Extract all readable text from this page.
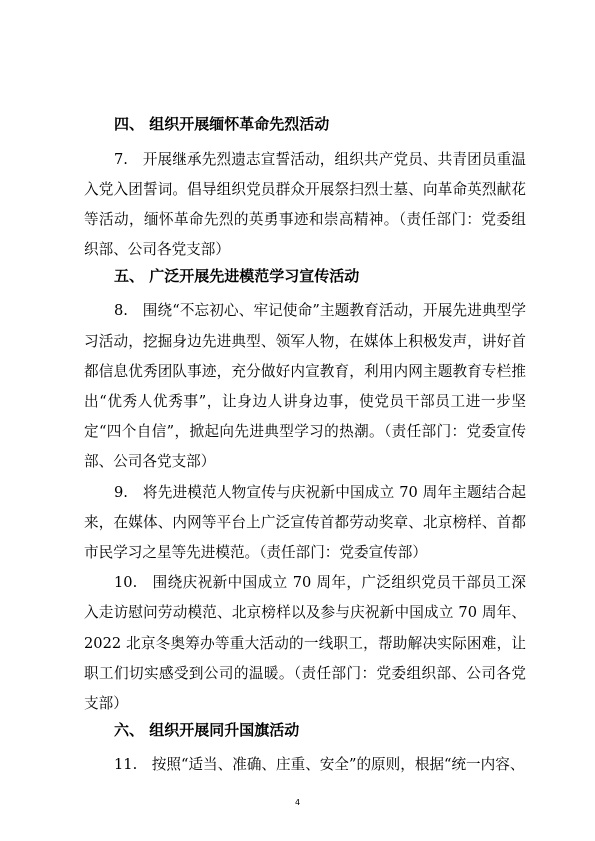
四、 组织开展缅怀革命先烈活动

7.　开展继承先烈遗志宣誓活动，组织共产党员、共青团员重温入党入团誓词。倡导组织党员群众开展祭扫烈士墓、向革命英烈献花等活动，缅怀革命先烈的英勇事迹和崇高精神。（责任部门：党委组织部、公司各党支部）

五、 广泛开展先进模范学习宣传活动

8.　围绕“不忘初心、牢记使命”主题教育活动，开展先进典型学习活动，挖掘身边先进典型、领军人物，在媒体上积极发声，讲好首都信息优秀团队事迹，充分做好内宣教育，利用内网主题教育专栏推出“优秀人优秀事”，让身边人讲身边事，使党员干部员工进一步坚定“四个自信”，掀起向先进典型学习的热潮。（责任部门：党委宣传部、公司各党支部）

9.　将先进模范人物宣传与庆祝新中国成立 70 周年主题结合起来，在媒体、内网等平台上广泛宣传首都劳动奖章、北京榜样、首都市民学习之星等先进模范。（责任部门：党委宣传部）

10.　围绕庆祝新中国成立 70 周年，广泛组织党员干部员工深入走访慰问劳动模范、北京榜样以及参与庆祝新中国成立 70 周年、2022 北京冬奥筹办等重大活动的一线职工，帮助解决实际困难，让职工们切实感受到公司的温暖。（责任部门：党委组织部、公司各党支部）

六、 组织开展同升国旗活动

11.　按照“适当、准确、庄重、安全”的原则，根据“统一内容、

4
